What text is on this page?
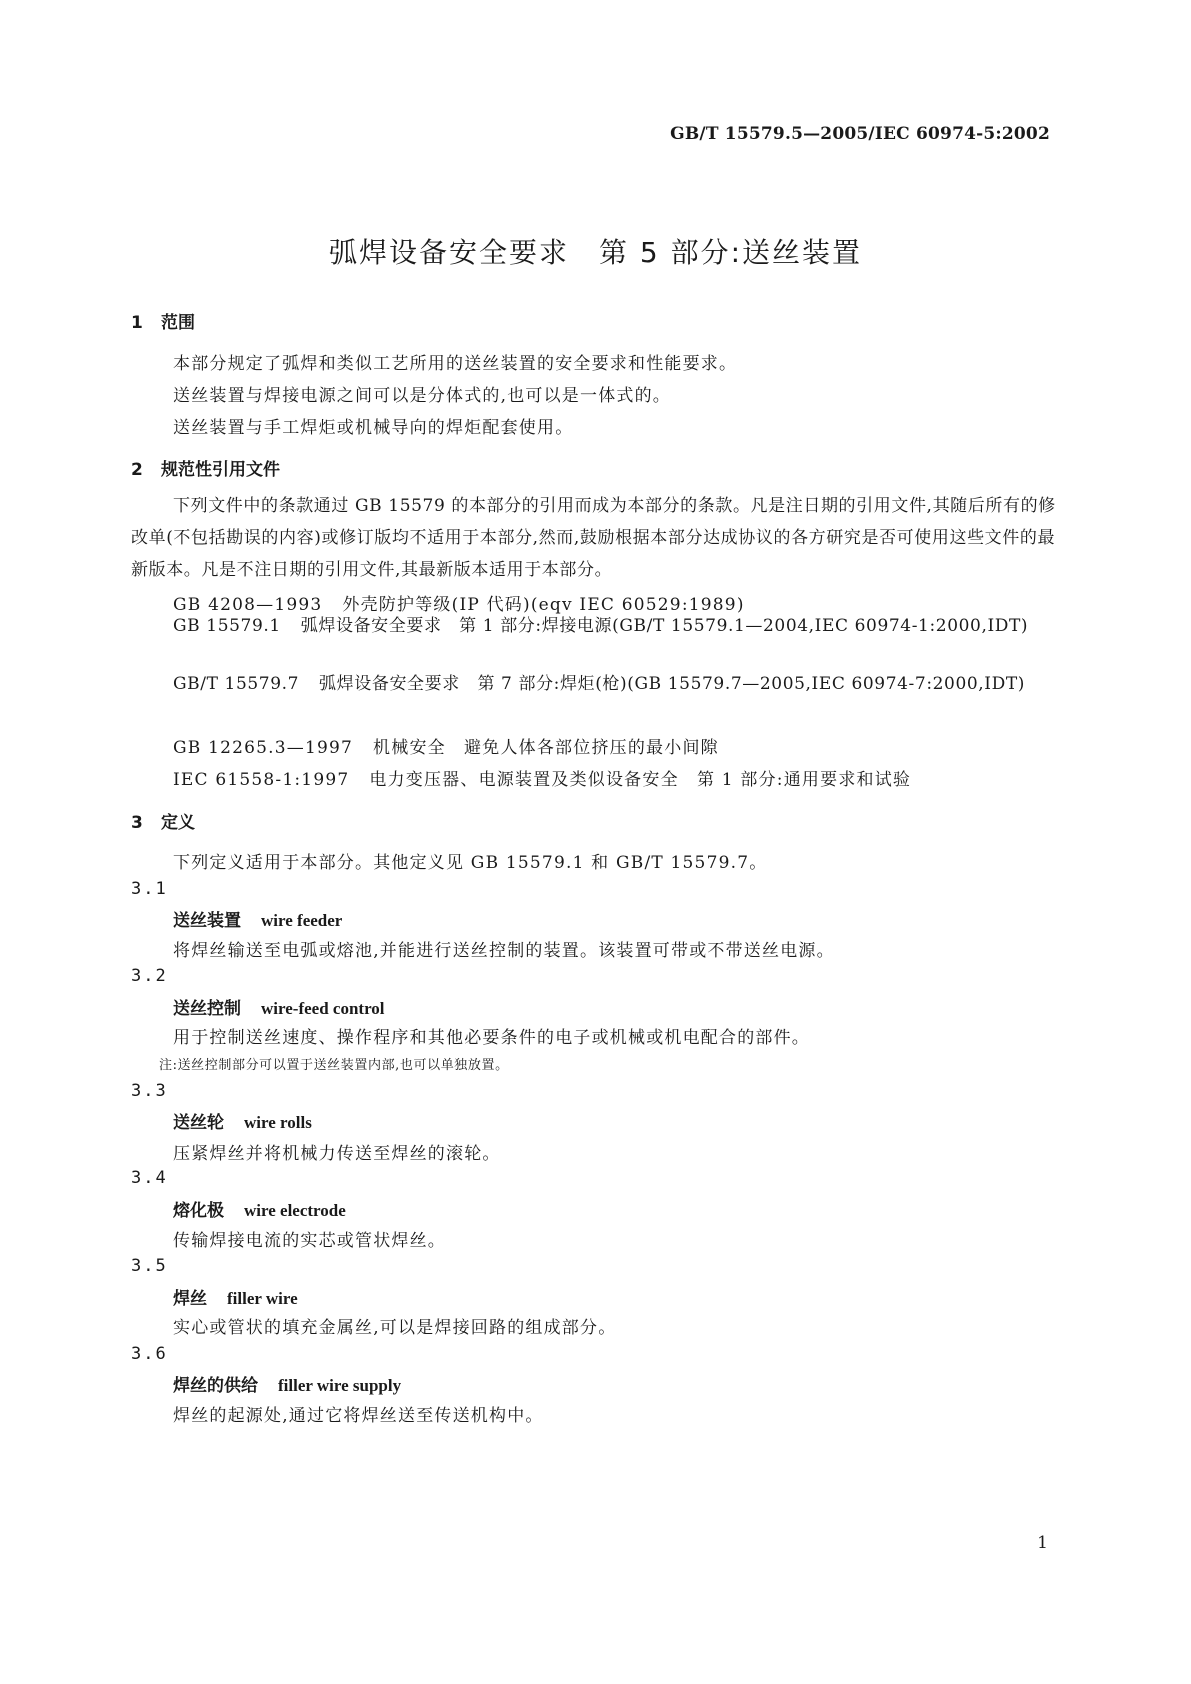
GB/T 15579.5—2005/IEC 60974-5:2002
弧焊设备安全要求　第 5 部分:送丝装置
1 范围
本部分规定了弧焊和类似工艺所用的送丝装置的安全要求和性能要求。
送丝装置与焊接电源之间可以是分体式的,也可以是一体式的。
送丝装置与手工焊炬或机械导向的焊炬配套使用。
2 规范性引用文件
下列文件中的条款通过 GB 15579 的本部分的引用而成为本部分的条款。凡是注日期的引用文件,其随后所有的修改单(不包括勘误的内容)或修订版均不适用于本部分,然而,鼓励根据本部分达成协议的各方研究是否可使用这些文件的最新版本。凡是不注日期的引用文件,其最新版本适用于本部分。
GB 4208—1993 外壳防护等级(IP 代码)(eqv IEC 60529:1989)
GB 15579.1 弧焊设备安全要求　第 1 部分:焊接电源(GB/T 15579.1—2004,IEC 60974-1:2000,IDT)
GB/T 15579.7 弧焊设备安全要求　第 7 部分:焊炬(枪)(GB 15579.7—2005,IEC 60974-7:2000,IDT)
GB 12265.3—1997 机械安全　避免人体各部位挤压的最小间隙
IEC 61558-1:1997 电力变压器、电源装置及类似设备安全　第 1 部分:通用要求和试验
3 定义
下列定义适用于本部分。其他定义见 GB 15579.1 和 GB/T 15579.7。
3.1
送丝装置 wire feeder
将焊丝输送至电弧或熔池,并能进行送丝控制的装置。该装置可带或不带送丝电源。
3.2
送丝控制 wire-feed control
用于控制送丝速度、操作程序和其他必要条件的电子或机械或机电配合的部件。
注:送丝控制部分可以置于送丝装置内部,也可以单独放置。
3.3
送丝轮 wire rolls
压紧焊丝并将机械力传送至焊丝的滚轮。
3.4
熔化极 wire electrode
传输焊接电流的实芯或管状焊丝。
3.5
焊丝 filler wire
实心或管状的填充金属丝,可以是焊接回路的组成部分。
3.6
焊丝的供给 filler wire supply
焊丝的起源处,通过它将焊丝送至传送机构中。
1
